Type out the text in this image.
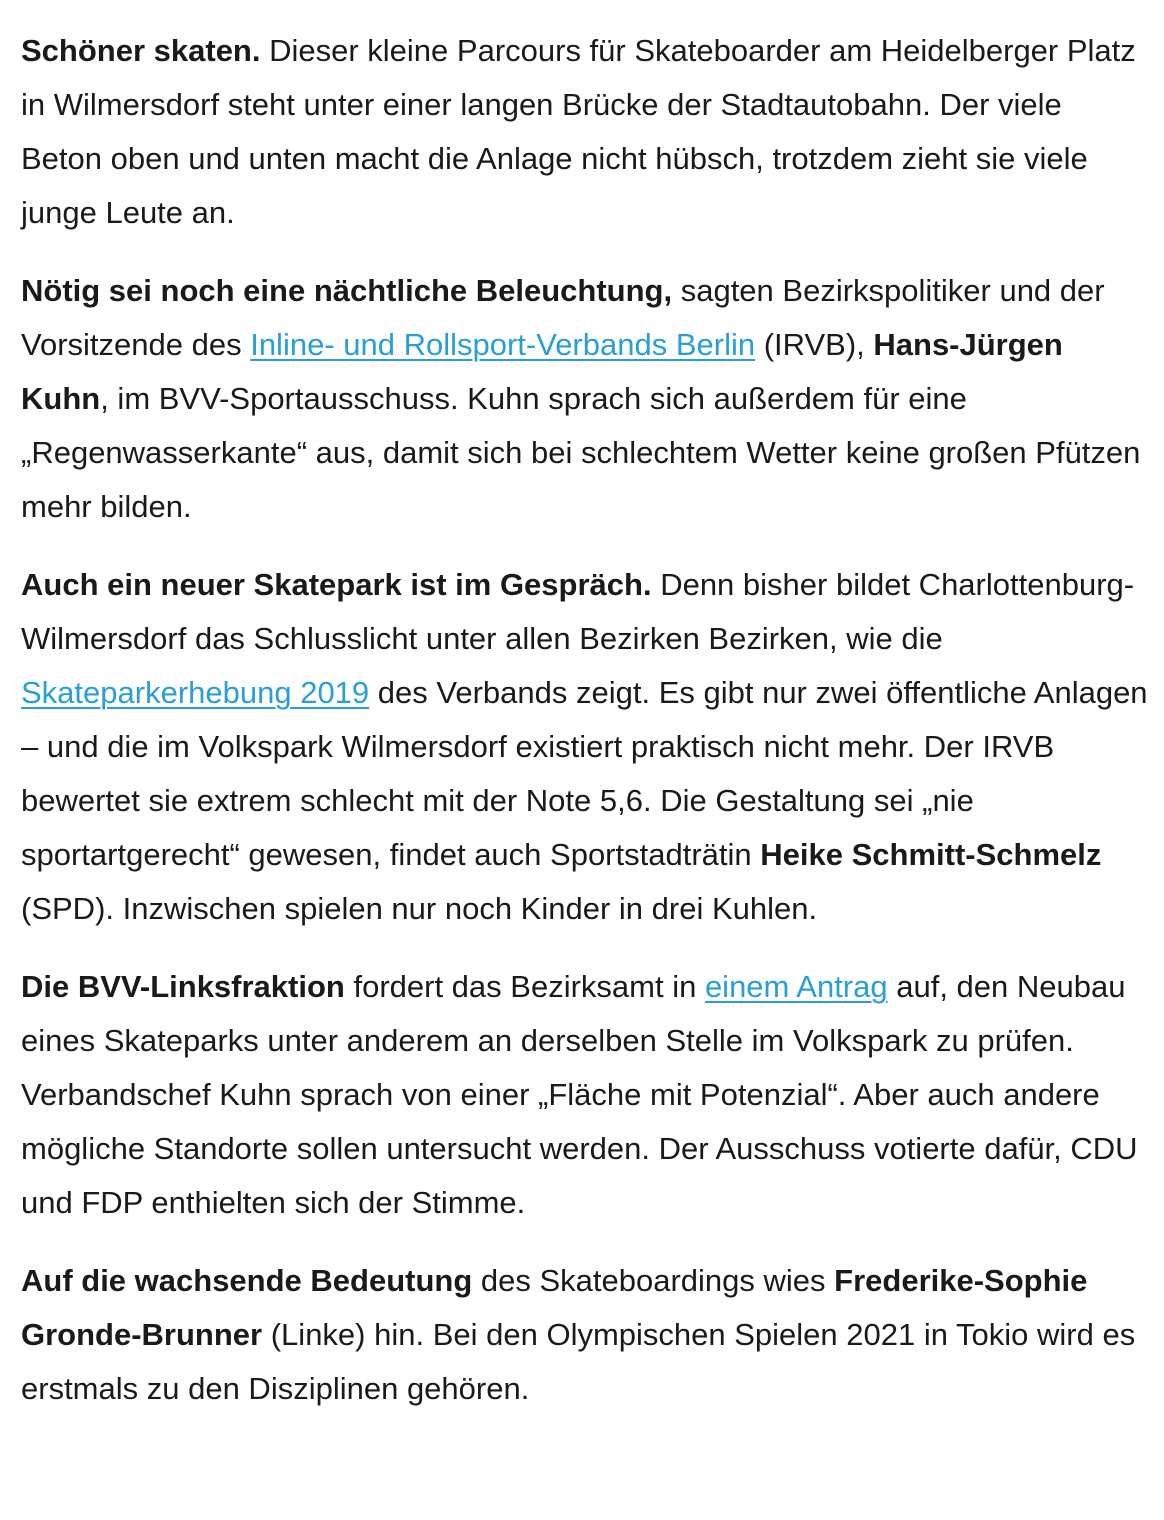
Schöner skaten. Dieser kleine Parcours für Skateboarder am Heidelberger Platz in Wilmersdorf steht unter einer langen Brücke der Stadtautobahn. Der viele Beton oben und unten macht die Anlage nicht hübsch, trotzdem zieht sie viele junge Leute an.

Nötig sei noch eine nächtliche Beleuchtung, sagten Bezirkspolitiker und der Vorsitzende des Inline- und Rollsport-Verbands Berlin (IRVB), Hans-Jürgen Kuhn, im BVV-Sportausschuss. Kuhn sprach sich außerdem für eine „Regenwasserkante“ aus, damit sich bei schlechtem Wetter keine großen Pfützen mehr bilden.

Auch ein neuer Skatepark ist im Gespräch. Denn bisher bildet Charlottenburg-Wilmersdorf das Schlusslicht unter allen Bezirken Bezirken, wie die Skateparkerhebung 2019 des Verbands zeigt. Es gibt nur zwei öffentliche Anlagen – und die im Volkspark Wilmersdorf existiert praktisch nicht mehr. Der IRVB bewertet sie extrem schlecht mit der Note 5,6. Die Gestaltung sei „nie sportartgerecht“ gewesen, findet auch Sportstadträtin Heike Schmitt-Schmelz (SPD). Inzwischen spielen nur noch Kinder in drei Kuhlen.

Die BVV-Linksfraktion fordert das Bezirksamt in einem Antrag auf, den Neubau eines Skateparks unter anderem an derselben Stelle im Volkspark zu prüfen. Verbandschef Kuhn sprach von einer „Fläche mit Potenzial“. Aber auch andere mögliche Standorte sollen untersucht werden. Der Ausschuss votierte dafür, CDU und FDP enthielten sich der Stimme.

Auf die wachsende Bedeutung des Skateboardings wies Frederike-Sophie Gronde-Brunner (Linke) hin. Bei den Olympischen Spielen 2021 in Tokio wird es erstmals zu den Disziplinen gehören.
